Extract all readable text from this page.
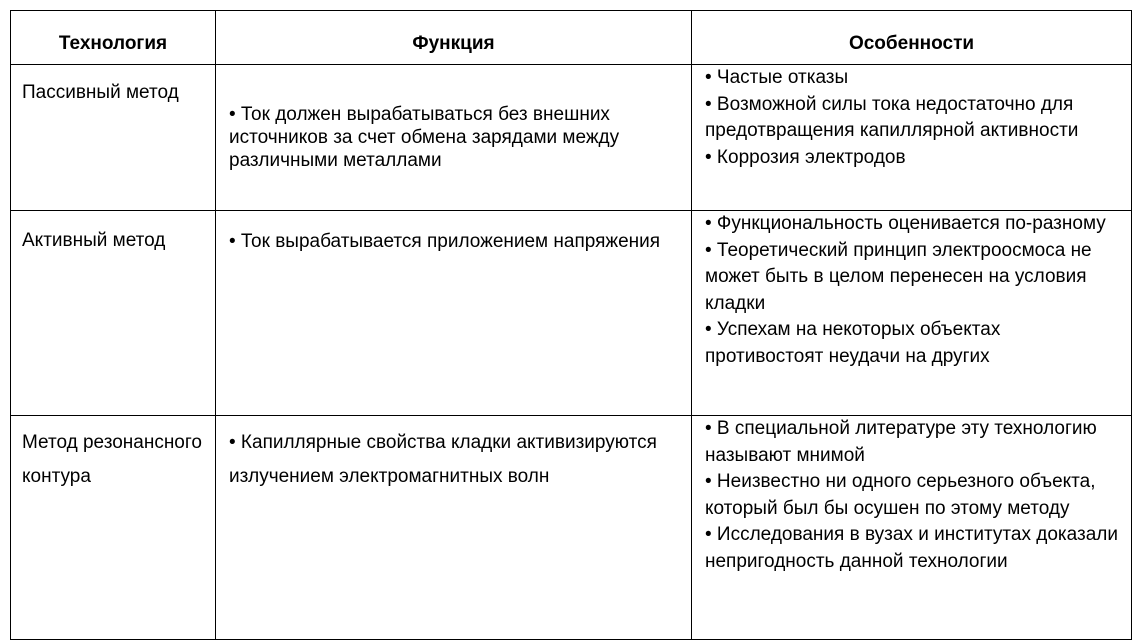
Технология	Функция	Особенности
Пассивный метод	• Ток должен вырабатываться без внешних источников за счет обмена зарядами между различными металлами	• Частые отказы
• Возможной силы тока недостаточно для предотвращения капиллярной активности
• Коррозия электродов

Активный метод	• Ток вырабатывается приложением напряжения	• Функциональность оценивается по-разному
• Теоретический принцип электроосмоса не может быть в целом перенесен на условия кладки
• Успехам на некоторых объектах противостоят неудачи на других

Метод резонансного контура	• Капиллярные свойства кладки активизируются излучением электромагнитных волн	• В специальной литературе эту технологию называют мнимой
• Неизвестно ни одного серьезного объекта, который был бы осушен по этому методу
• Исследования в вузах и институтах доказали непригодность данной технологии
